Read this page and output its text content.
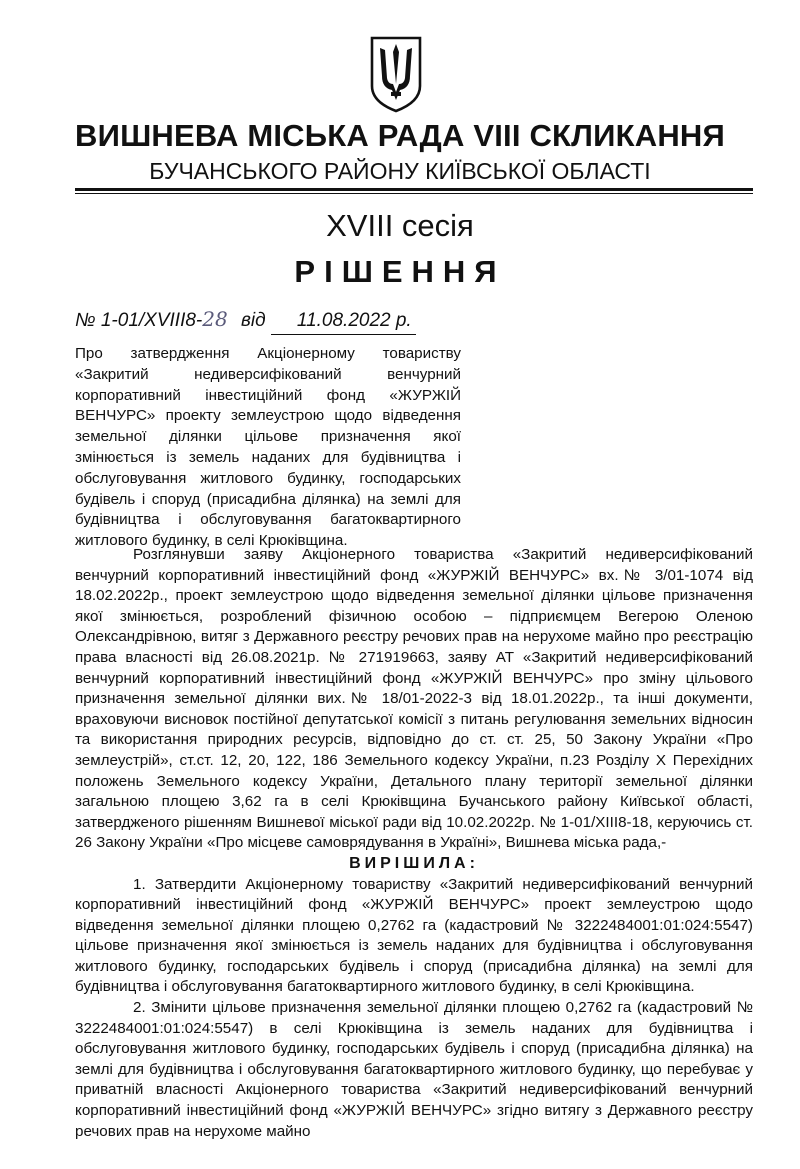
ВИШНЕВА МІСЬКА РАДА VIII СКЛИКАННЯ
БУЧАНСЬКОГО РАЙОНУ КИЇВСЬКОЇ ОБЛАСТІ
XVIII сесія
РІШЕННЯ
№ 1-01/XVIII8-28 від 11.08.2022 р.
Про затвердження Акціонерному товариству «Закритий недиверсифікований венчурний корпоративний інвестиційний фонд «ЖУРЖІЙ ВЕНЧУРС» проекту землеустрою щодо відведення земельної ділянки цільове призначення якої змінюється із земель наданих для будівництва і обслуговування житлового будинку, господарських будівель і споруд (присадибна ділянка) на землі для будівництва і обслуговування багатоквартирного житлового будинку, в селі Крюківщина.

Розглянувши заяву Акціонерного товариства «Закритий недиверсифікований венчурний корпоративний інвестиційний фонд «ЖУРЖІЙ ВЕНЧУРС» вх.№ 3/01-1074 від 18.02.2022р., проект землеустрою щодо відведення земельної ділянки цільове призначення якої змінюється, розроблений фізичною особою – підприємцем Вегерою Оленою Олександрівною, витяг з Державного реєстру речових прав на нерухоме майно про реєстрацію права власності від 26.08.2021р. № 271919663, заяву АТ «Закритий недиверсифікований венчурний корпоративний інвестиційний фонд «ЖУРЖІЙ ВЕНЧУРС» про зміну цільового призначення земельної ділянки вих.№ 18/01-2022-3 від 18.01.2022р., та інші документи, враховуючи висновок постійної депутатської комісії з питань регулювання земельних відносин та використання природних ресурсів, відповідно до ст. ст. 25, 50 Закону України «Про землеустрій», ст.ст. 12, 20, 122, 186 Земельного кодексу України, п.23 Розділу X Перехідних положень Земельного кодексу України, Детального плану території земельної ділянки загальною площею 3,62 га в селі Крюківщина Бучанського району Київської області, затвердженого рішенням Вишневої міської ради від 10.02.2022р. № 1-01/XIII8-18, керуючись ст. 26 Закону України «Про місцеве самоврядування в Україні», Вишнева міська рада,-

ВИРІШИЛА:

1. Затвердити Акціонерному товариству «Закритий недиверсифікований венчурний корпоративний інвестиційний фонд «ЖУРЖІЙ ВЕНЧУРС» проект землеустрою щодо відведення земельної ділянки площею 0,2762 га (кадастровий № 3222484001:01:024:5547) цільове призначення якої змінюється із земель наданих для будівництва і обслуговування житлового будинку, господарських будівель і споруд (присадибна ділянка) на землі для будівництва і обслуговування багатоквартирного житлового будинку, в селі Крюківщина.

2. Змінити цільове призначення земельної ділянки площею 0,2762 га (кадастровий № 3222484001:01:024:5547) в селі Крюківщина із земель наданих для будівництва і обслуговування житлового будинку, господарських будівель і споруд (присадибна ділянка) на землі для будівництва і обслуговування багатоквартирного житлового будинку, що перебуває у приватній власності Акціонерного товариства «Закритий недиверсифікований венчурний корпоративний інвестиційний фонд «ЖУРЖІЙ ВЕНЧУРС» згідно витягу з Державного реєстру речових прав на нерухоме майно
